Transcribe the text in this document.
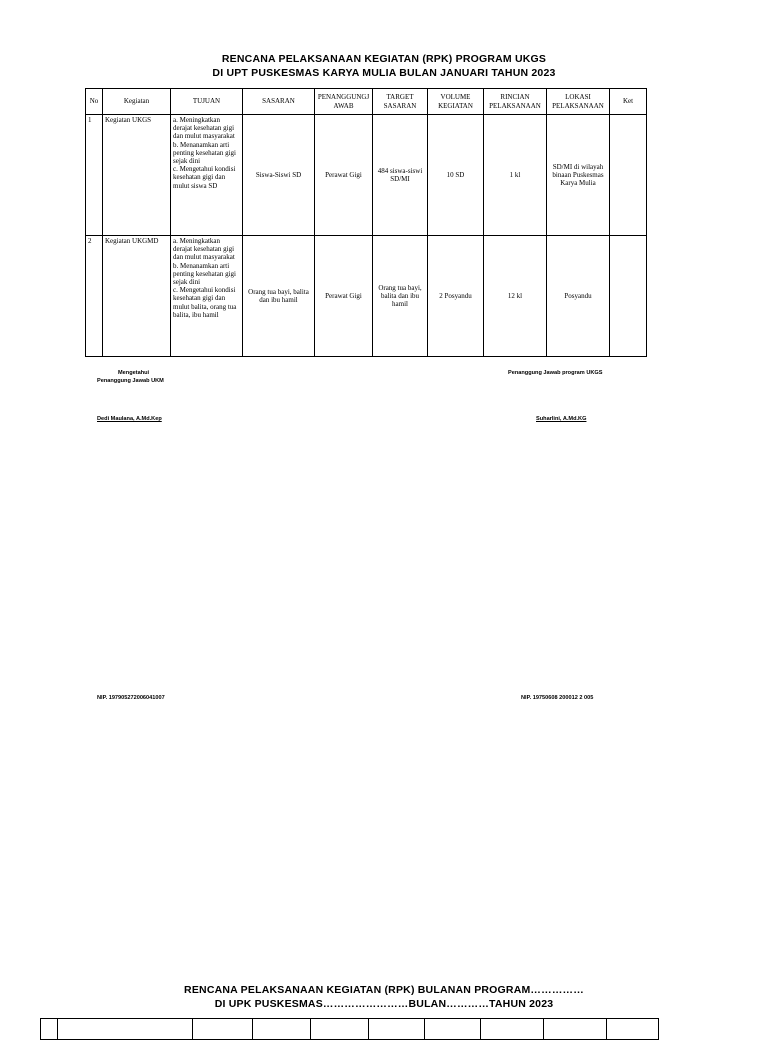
RENCANA PELAKSANAAN KEGIATAN (RPK) PROGRAM UKGS
DI UPT PUSKESMAS KARYA MULIA BULAN JANUARI TAHUN 2023
No	Kegiatan	TUJUAN	SASARAN	PENANGGUNGJ AWAB	TARGET SASARAN	VOLUME KEGIATAN	RINCIAN PELAKSANAAN	LOKASI PELAKSANAAN	Ket
1	Kegiatan UKGS	a. Meningkatkan derajat kesehatan gigi dan mulut masyarakat
b. Menanamkan arti penting kesehatan gigi sejak dini
c. Mengetahui kondisi kesehatan gigi dan mulut siswa SD	Siswa-Siswi SD	Perawat Gigi	484 siswa-siswi SD/MI	10 SD	1 kl	SD/MI di wilayah binaan Puskesmas Karya Mulia	
2	Kegiatan UKGMD	a. Meningkatkan derajat kesehatan gigi dan mulut masyarakat
b. Menanamkan arti penting kesehatan gigi sejak dini
c. Mengetahui kondisi kesehatan gigi dan mulut balita, orang tua balita, ibu hamil	Orang tua bayi, balita dan ibu hamil	Perawat Gigi	Orang tua bayi, balita dan ibu hamil	2 Posyandu	12 kl	Posyandu	
Mengetahui
Penanggung Jawab UKM
Dedi Maulana, A.Md.Kep
NIP. 197905272006041007
Penanggung Jawab program UKGS
Suharlini, A.Md.KG
NIP. 19750608 200012 2 005
RENCANA PELAKSANAAN KEGIATAN (RPK) BULANAN PROGRAM……………
DI UPK PUSKESMAS……………………BULAN…………TAHUN 2023
